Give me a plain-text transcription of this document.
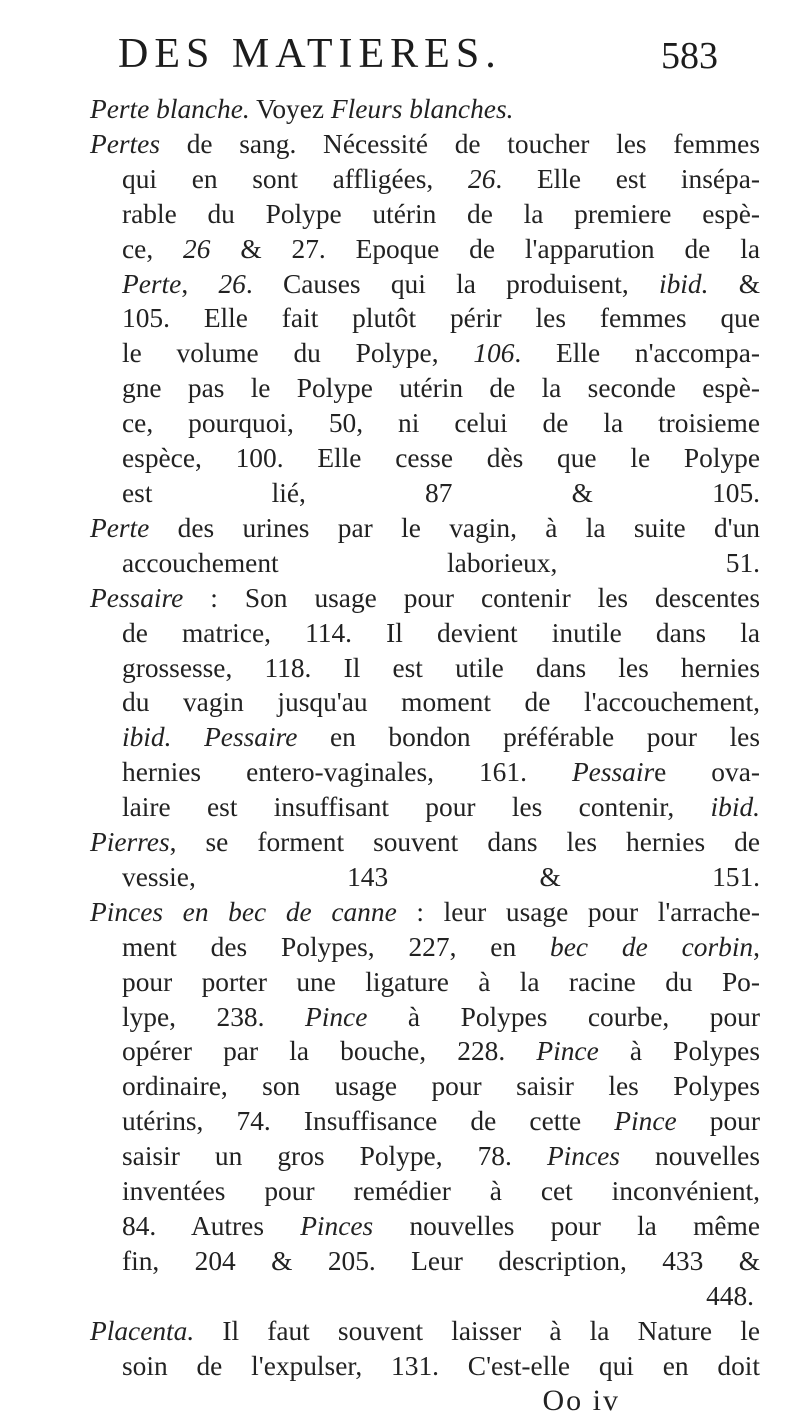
DES MATIERES.	583
Perte blanche. Voyez Fleurs blanches.
Pertes de sang. Nécessité de toucher les femmes
qui en sont affligées, 26. Elle est insépa-
rable du Polype utérin de la premiere espè-
ce, 26 & 27. Epoque de l'apparution de la
Perte, 26. Causes qui la produisent, ibid. &
105. Elle fait plutôt périr les femmes que
le volume du Polype, 106. Elle n'accompa-
gne pas le Polype utérin de la seconde espè-
ce, pourquoi, 50, ni celui de la troisieme
espèce, 100. Elle cesse dès que le Polype
est lié, 87 & 105.
Perte des urines par le vagin, à la suite d'un
accouchement laborieux, 51.
Pessaire : Son usage pour contenir les descentes
de matrice, 114. Il devient inutile dans la
grossesse, 118. Il est utile dans les hernies
du vagin jusqu'au moment de l'accouchement,
ibid. Pessaire en bondon préférable pour les
hernies entero-vaginales, 161. Pessaire ova-
laire est insuffisant pour les contenir, ibid.
Pierres, se forment souvent dans les hernies de
vessie, 143 & 151.
Pinces en bec de canne : leur usage pour l'arrache-
ment des Polypes, 227, en bec de corbin,
pour porter une ligature à la racine du Po-
lype, 238. Pince à Polypes courbe, pour
opérer par la bouche, 228. Pince à Polypes
ordinaire, son usage pour saisir les Polypes
utérins, 74. Insuffisance de cette Pince pour
saisir un gros Polype, 78. Pinces nouvelles
inventées pour remédier à cet inconvénient,
84. Autres Pinces nouvelles pour la même
fin, 204 & 205. Leur description, 433 &
448.
Placenta. Il faut souvent laisser à la Nature le
soin de l'expulser, 131. C'est-elle qui en doit
Oo iv
